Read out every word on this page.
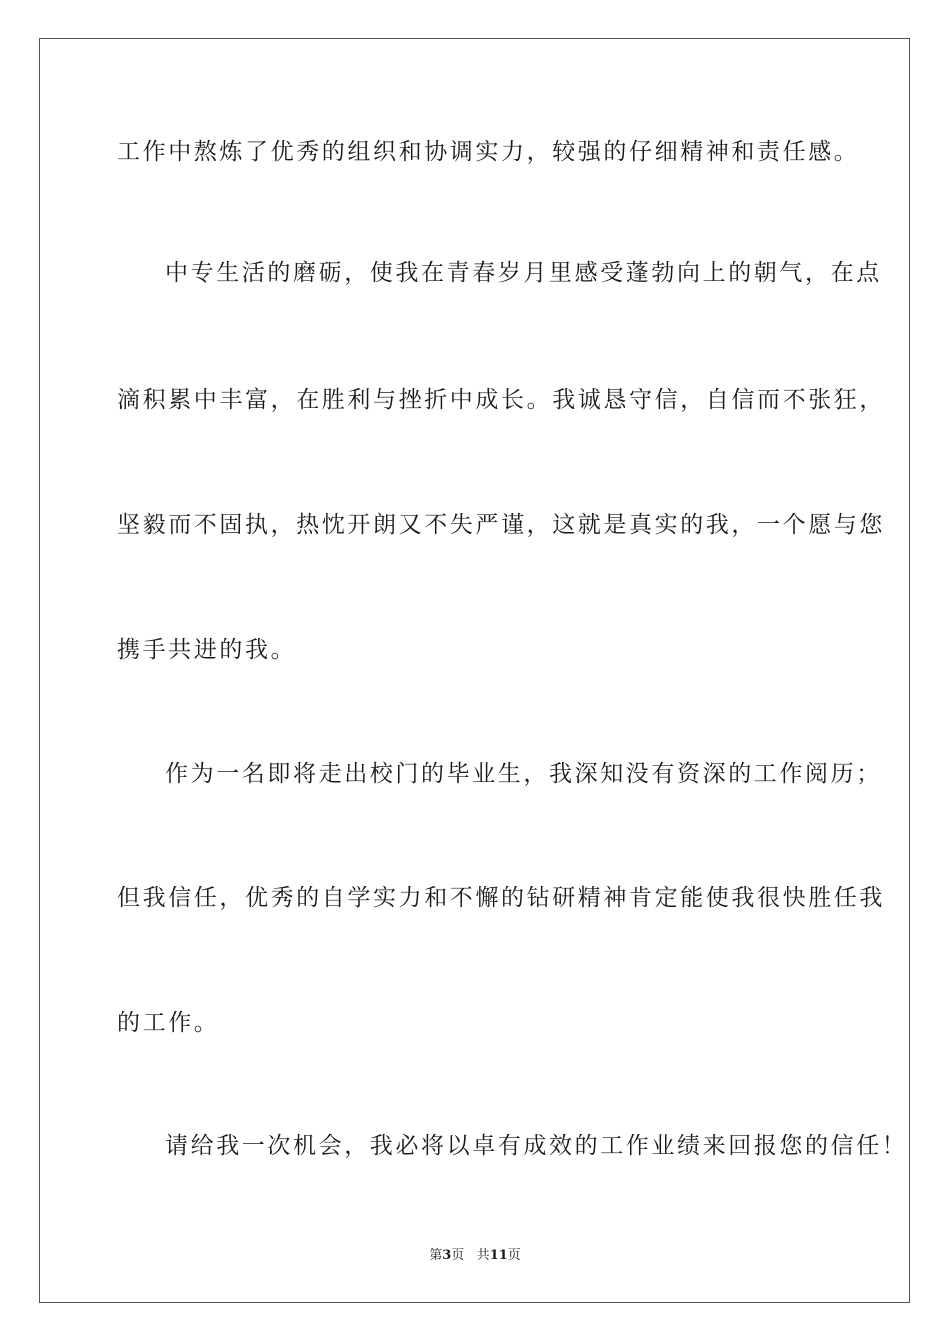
工作中熬炼了优秀的组织和协调实力，较强的仔细精神和责任感。
中专生活的磨砺，使我在青春岁月里感受蓬勃向上的朝气，在点
滴积累中丰富，在胜利与挫折中成长。我诚恳守信，自信而不张狂，
坚毅而不固执，热忱开朗又不失严谨，这就是真实的我，一个愿与您
携手共进的我。
作为一名即将走出校门的毕业生，我深知没有资深的工作阅历；
但我信任，优秀的自学实力和不懈的钻研精神肯定能使我很快胜任我
的工作。
请给我一次机会，我必将以卓有成效的工作业绩来回报您的信任！
第3页 共11页
